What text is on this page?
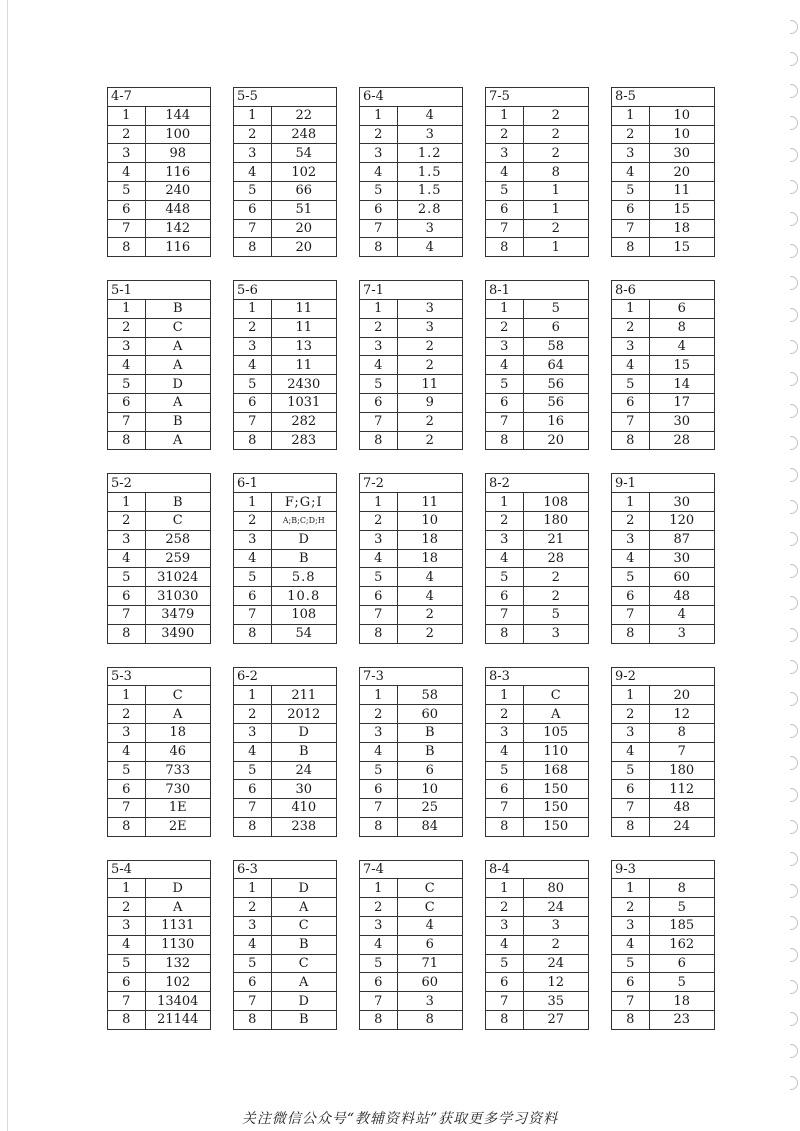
4-7	
1	144
2	100
3	98
4	116
5	240
6	448
7	142
8	116
5-5	
1	22
2	248
3	54
4	102
5	66
6	51
7	20
8	20
6-4	
1	4
2	3
3	1.2
4	1.5
5	1.5
6	2.8
7	3
8	4
7-5	
1	2
2	2
3	2
4	8
5	1
6	1
7	2
8	1
8-5	
1	10
2	10
3	30
4	20
5	11
6	15
7	18
8	15
5-1	
1	B
2	C
3	A
4	A
5	D
6	A
7	B
8	A
5-6	
1	11
2	11
3	13
4	11
5	2430
6	1031
7	282
8	283
7-1	
1	3
2	3
3	2
4	2
5	11
6	9
7	2
8	2
8-1	
1	5
2	6
3	58
4	64
5	56
6	56
7	16
8	20
8-6	
1	6
2	8
3	4
4	15
5	14
6	17
7	30
8	28
5-2	
1	B
2	C
3	258
4	259
5	31024
6	31030
7	3479
8	3490
6-1	
1	F;G;I
2	A;B;C;D;H
3	D
4	B
5	5.8
6	10.8
7	108
8	54
7-2	
1	11
2	10
3	18
4	18
5	4
6	4
7	2
8	2
8-2	
1	108
2	180
3	21
4	28
5	2
6	2
7	5
8	3
9-1	
1	30
2	120
3	87
4	30
5	60
6	48
7	4
8	3
5-3	
1	C
2	A
3	18
4	46
5	733
6	730
7	1E
8	2E
6-2	
1	211
2	2012
3	D
4	B
5	24
6	30
7	410
8	238
7-3	
1	58
2	60
3	B
4	B
5	6
6	10
7	25
8	84
8-3	
1	C
2	A
3	105
4	110
5	168
6	150
7	150
8	150
9-2	
1	20
2	12
3	8
4	7
5	180
6	112
7	48
8	24
5-4	
1	D
2	A
3	1131
4	1130
5	132
6	102
7	13404
8	21144
6-3	
1	D
2	A
3	C
4	B
5	C
6	A
7	D
8	B
7-4	
1	C
2	C
3	4
4	6
5	71
6	60
7	3
8	8
8-4	
1	80
2	24
3	3
4	2
5	24
6	12
7	35
8	27
9-3	
1	8
2	5
3	185
4	162
5	6
6	5
7	18
8	23
关注微信公众号“教辅资料站”获取更多学习资料
